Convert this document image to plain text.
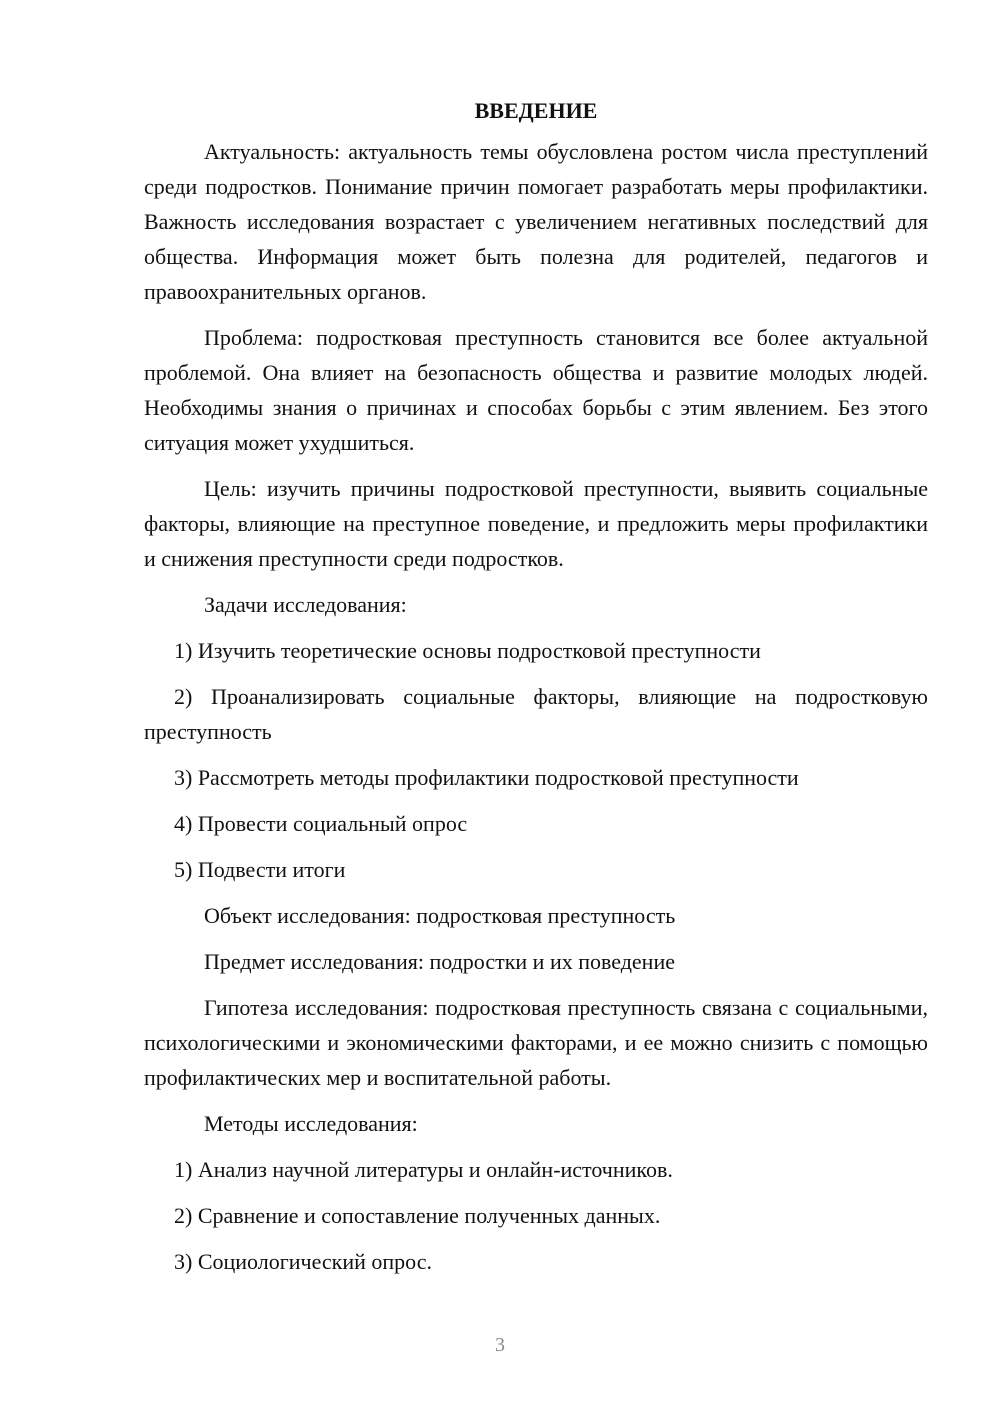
ВВЕДЕНИЕ

Актуальность: актуальность темы обусловлена ростом числа преступлений среди подростков. Понимание причин помогает разработать меры профилактики. Важность исследования возрастает с увеличением негативных последствий для общества. Информация может быть полезна для родителей, педагогов и правоохранительных органов.

Проблема: подростковая преступность становится все более актуальной проблемой. Она влияет на безопасность общества и развитие молодых людей. Необходимы знания о причинах и способах борьбы с этим явлением. Без этого ситуация может ухудшиться.

Цель: изучить причины подростковой преступности, выявить социальные факторы, влияющие на преступное поведение, и предложить меры профилактики и снижения преступности среди подростков.

Задачи исследования:

1) Изучить теоретические основы подростковой преступности

2) Проанализировать социальные факторы, влияющие на подростковую преступность

3) Рассмотреть методы профилактики подростковой преступности

4) Провести социальный опрос

5) Подвести итоги

Объект исследования: подростковая преступность

Предмет исследования: подростки и их поведение

Гипотеза исследования: подростковая преступность связана с социальными, психологическими и экономическими факторами, и ее можно снизить с помощью профилактических мер и воспитательной работы.

Методы исследования:

1) Анализ научной литературы и онлайн-источников.

2) Сравнение и сопоставление полученных данных.

3) Социологический опрос.

3
